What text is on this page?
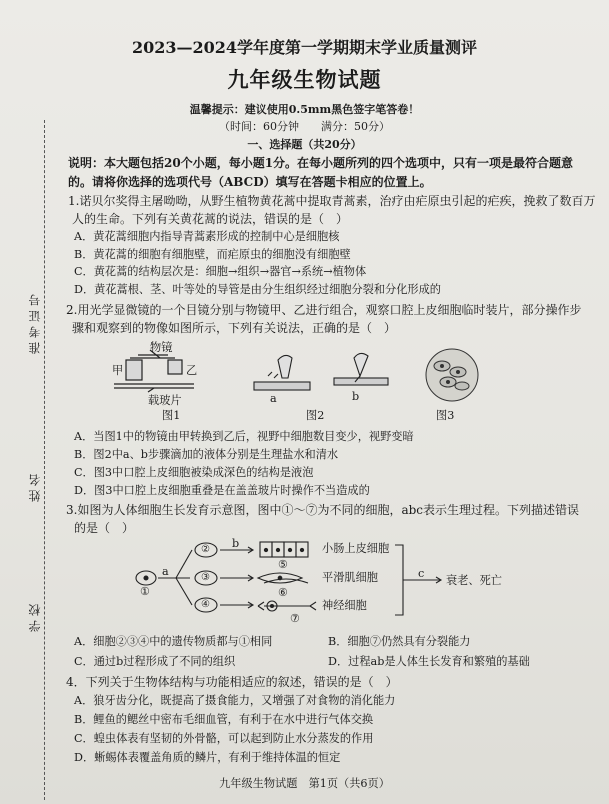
准考证号
姓名
学校
2023—2024学年度第一学期期末学业质量测评
九年级生物试题
温馨提示：建议使用0.5mm黑色签字笔答卷！
（时间：60分钟　　满分：50分）
一、选择题（共20分）
说明：本大题包括20个小题，每小题1分。在每小题所列的四个选项中，只有一项是最符合题意
的。请将你选择的选项代号（ABCD）填写在答题卡相应的位置上。
1.诺贝尔奖得主屠呦呦，从野生植物黄花蒿中提取青蒿素，治疗由疟原虫引起的疟疾，挽救了数百万
人的生命。下列有关黄花蒿的说法，错误的是（　）
A．黄花蒿细胞内指导青蒿素形成的控制中心是细胞核
B．黄花蒿的细胞有细胞壁，而疟原虫的细胞没有细胞壁
C．黄花蒿的结构层次是：细胞→组织→器官→系统→植物体
D．黄花蒿根、茎、叶等处的导管是由分生组织经过细胞分裂和分化形成的
2.用光学显微镜的一个目镜分别与物镜甲、乙进行组合，观察口腔上皮细胞临时装片，部分操作步
骤和观察到的物像如图所示，下列有关说法，正确的是（　）
物镜
甲	乙
载玻片	a	b
图1	图2	图3
A．当图1中的物镜由甲转换到乙后，视野中细胞数目变少，视野变暗
B．图2中a、b步骤滴加的液体分别是生理盐水和清水
C．图3中口腔上皮细胞被染成深色的结构是液泡
D．图3中口腔上皮细胞重叠是在盖盖玻片时操作不当造成的
3.如图为人体细胞生长发育示意图，图中①～⑦为不同的细胞，abc表示生理过程。下列描述错误
的是（　）
①
②
③
④
⑤
⑥
⑦
a
b
c
小肠上皮细胞
平滑肌细胞
神经细胞
衰老、死亡
A．细胞②③④中的遗传物质都与①相同	B．细胞⑦仍然具有分裂能力
C．通过b过程形成了不同的组织	D．过程ab是人体生长发育和繁殖的基础
4．下列关于生物体结构与功能相适应的叙述，错误的是（　）
A．狼牙齿分化，既提高了摄食能力，又增强了对食物的消化能力
B．鲤鱼的鳃丝中密布毛细血管，有利于在水中进行气体交换
C．蝗虫体表有坚韧的外骨骼，可以起到防止水分蒸发的作用
D．蜥蜴体表覆盖角质的鳞片，有利于维持体温的恒定
九年级生物试题　第1页（共6页）
